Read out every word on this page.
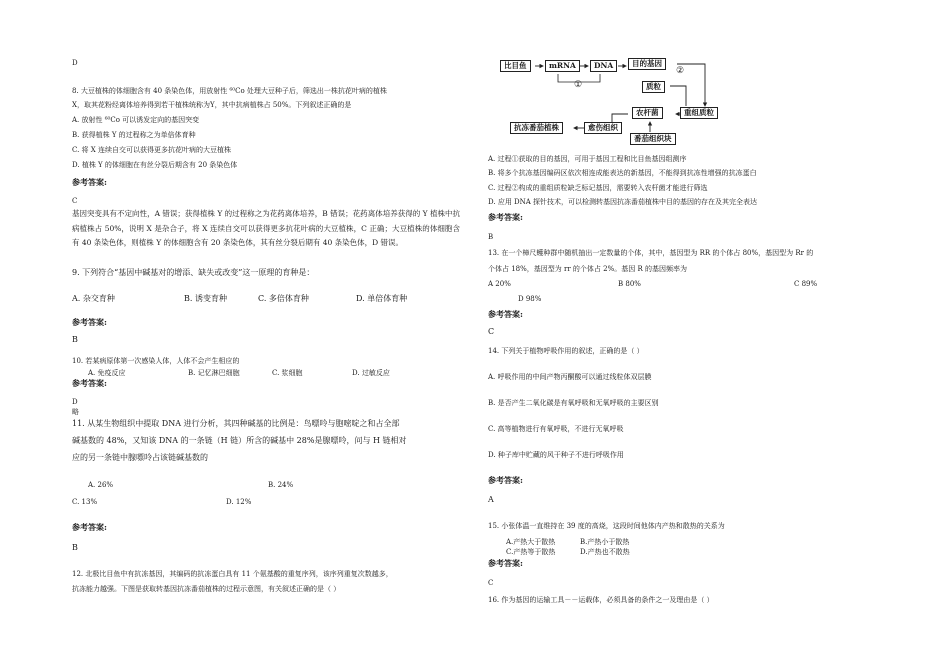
D
8. 大豆植株的体细胞含有 40 条染色体，用放射性 ⁶⁰Co 处理大豆种子后，筛选出一株抗花叶病的植株
X，取其花粉经离体培养得到若干植株统称为Y，其中抗病植株占 50%。下列叙述正确的是
A. 放射性 ⁶⁰Co 可以诱发定向的基因突变
B. 获得植株 Y 的过程称之为单倍体育种
C. 将 X 连续自交可以获得更多抗花叶病的大豆植株
D. 植株 Y 的体细胞在有丝分裂后期含有 20 条染色体
参考答案:
C
基因突变具有不定向性，A 错误；获得植株 Y 的过程称之为花药离体培养，B 错误；花药离体培养获得的 Y 植株中抗病植株占 50%，说明 X 是杂合子，将 X 连续自交可以获得更多抗花叶病的大豆植株，C 正确；大豆植株的体细胞含有 40 条染色体，则植株 Y 的体细胞含有 20 条染色体，其有丝分裂后期有 40 条染色体，D 错误。
9. 下列符合“基因中碱基对的增添、缺失或改变”这一原理的育种是：
A. 杂交育种	B. 诱变育种	C. 多倍体育种	D. 单倍体育种
参考答案:
B
10. 若某病原体第一次感染人体，人体不会产生相应的
A. 免疫反应	B. 记忆淋巴细胞	C. 浆细胞	D. 过敏反应
参考答案:
D
略
11. 从某生物组织中提取 DNA 进行分析，其四种碱基的比例是：鸟嘌呤与胞嘧啶之和占全部
碱基数的 48%，又知该 DNA 的一条链（H 链）所含的碱基中 28%是腺嘌呤，问与 H 链相对
应的另一条链中腺嘌呤占该链碱基数的
A. 26%	B. 24%
C. 13%	D. 12%
参考答案:
B
12. 北极比目鱼中有抗冻基因，其编码的抗冻蛋白具有 11 个氨基酸的重复序列，该序列重复次数越多，
抗冻能力越强。下图是获取转基因抗冻番茄植株的过程示意图，有关叙述正确的是（ ）
比目鱼	mRNA	DNA	目的基因
②
①	质粒
重组质粒
农杆菌
番茄组织块
愈伤组织
抗冻番茄植株
A. 过程①获取的目的基因，可用于基因工程和比目鱼基因组测序
B. 将多个抗冻基因编码区依次相连成能表达的新基因，不能得到抗冻性增强的抗冻蛋白
C. 过程②构成的重组质粒缺乏标记基因，需要转入农杆菌才能进行筛选
D. 应用 DNA 探针技术，可以检测转基因抗冻番茄植株中目的基因的存在及其完全表达
参考答案:
B
13. 在一个樟尺蠖种群中随机抽出一定数量的个体，其中，基因型为 RR 的个体占 80%，基因型为 Rr 的
个体占 18%，基因型为 rr 的个体占 2%。基因 R 的基因频率为
A 20%	B 80%	C 89%
D 98%
参考答案:
C
14. 下列关于植物呼吸作用的叙述，正确的是（ ）
A. 呼吸作用的中间产物丙酮酸可以通过线粒体双层膜
B. 是否产生二氧化碳是有氧呼吸和无氧呼吸的主要区别
C. 高等植物进行有氧呼吸，不进行无氧呼吸
D. 种子库中贮藏的风干种子不进行呼吸作用
参考答案:
A
15. 小张体温一直维持在 39 度的高烧，这段时间他体内产热和散热的关系为
A.产热大于散热	B.产热小于散热
C.产热等于散热	D.产热也不散热
参考答案:
C
16. 作为基因的运输工具－－运载体，必须具备的条件之一及理由是（ ）
